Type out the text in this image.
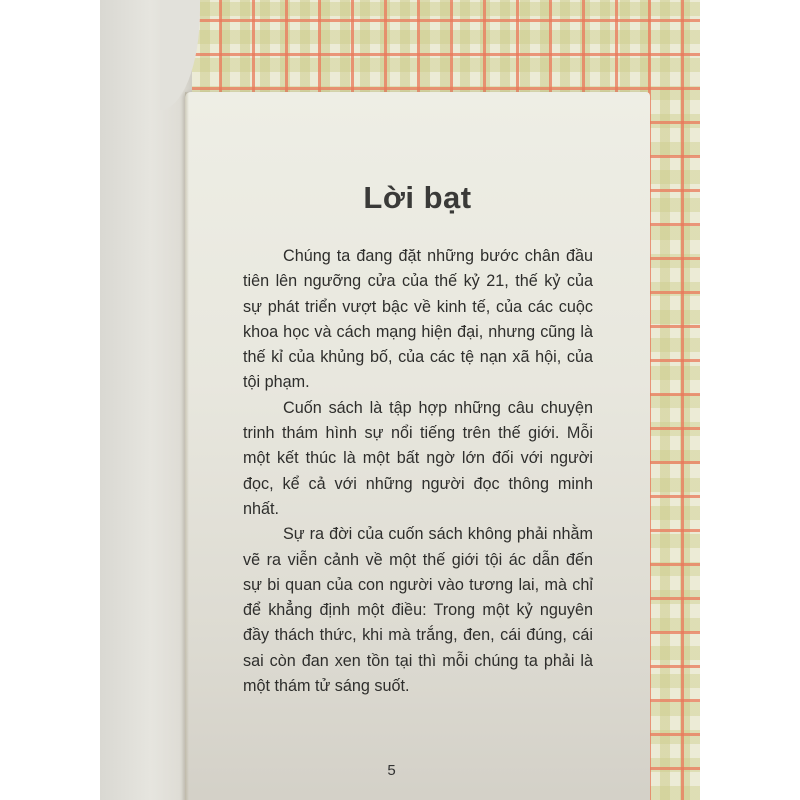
Lời bạt

Chúng ta đang đặt những bước chân đầu tiên lên ngưỡng cửa của thế kỷ 21, thế kỷ của sự phát triển vượt bậc về kinh tế, của các cuộc khoa học và cách mạng hiện đại, nhưng cũng là thế kỉ của khủng bố, của các tệ nạn xã hội, của tội phạm.

Cuốn sách là tập hợp những câu chuyện trinh thám hình sự nổi tiếng trên thế giới. Mỗi một kết thúc là một bất ngờ lớn đối với người đọc, kể cả với những người đọc thông minh nhất.

Sự ra đời của cuốn sách không phải nhằm vẽ ra viễn cảnh về một thế giới tội ác dẫn đến sự bi quan của con người vào tương lai, mà chỉ để khẳng định một điều: Trong một kỷ nguyên đầy thách thức, khi mà trắng, đen, cái đúng, cái sai còn đan xen tồn tại thì mỗi chúng ta phải là một thám tử sáng suốt.

5
